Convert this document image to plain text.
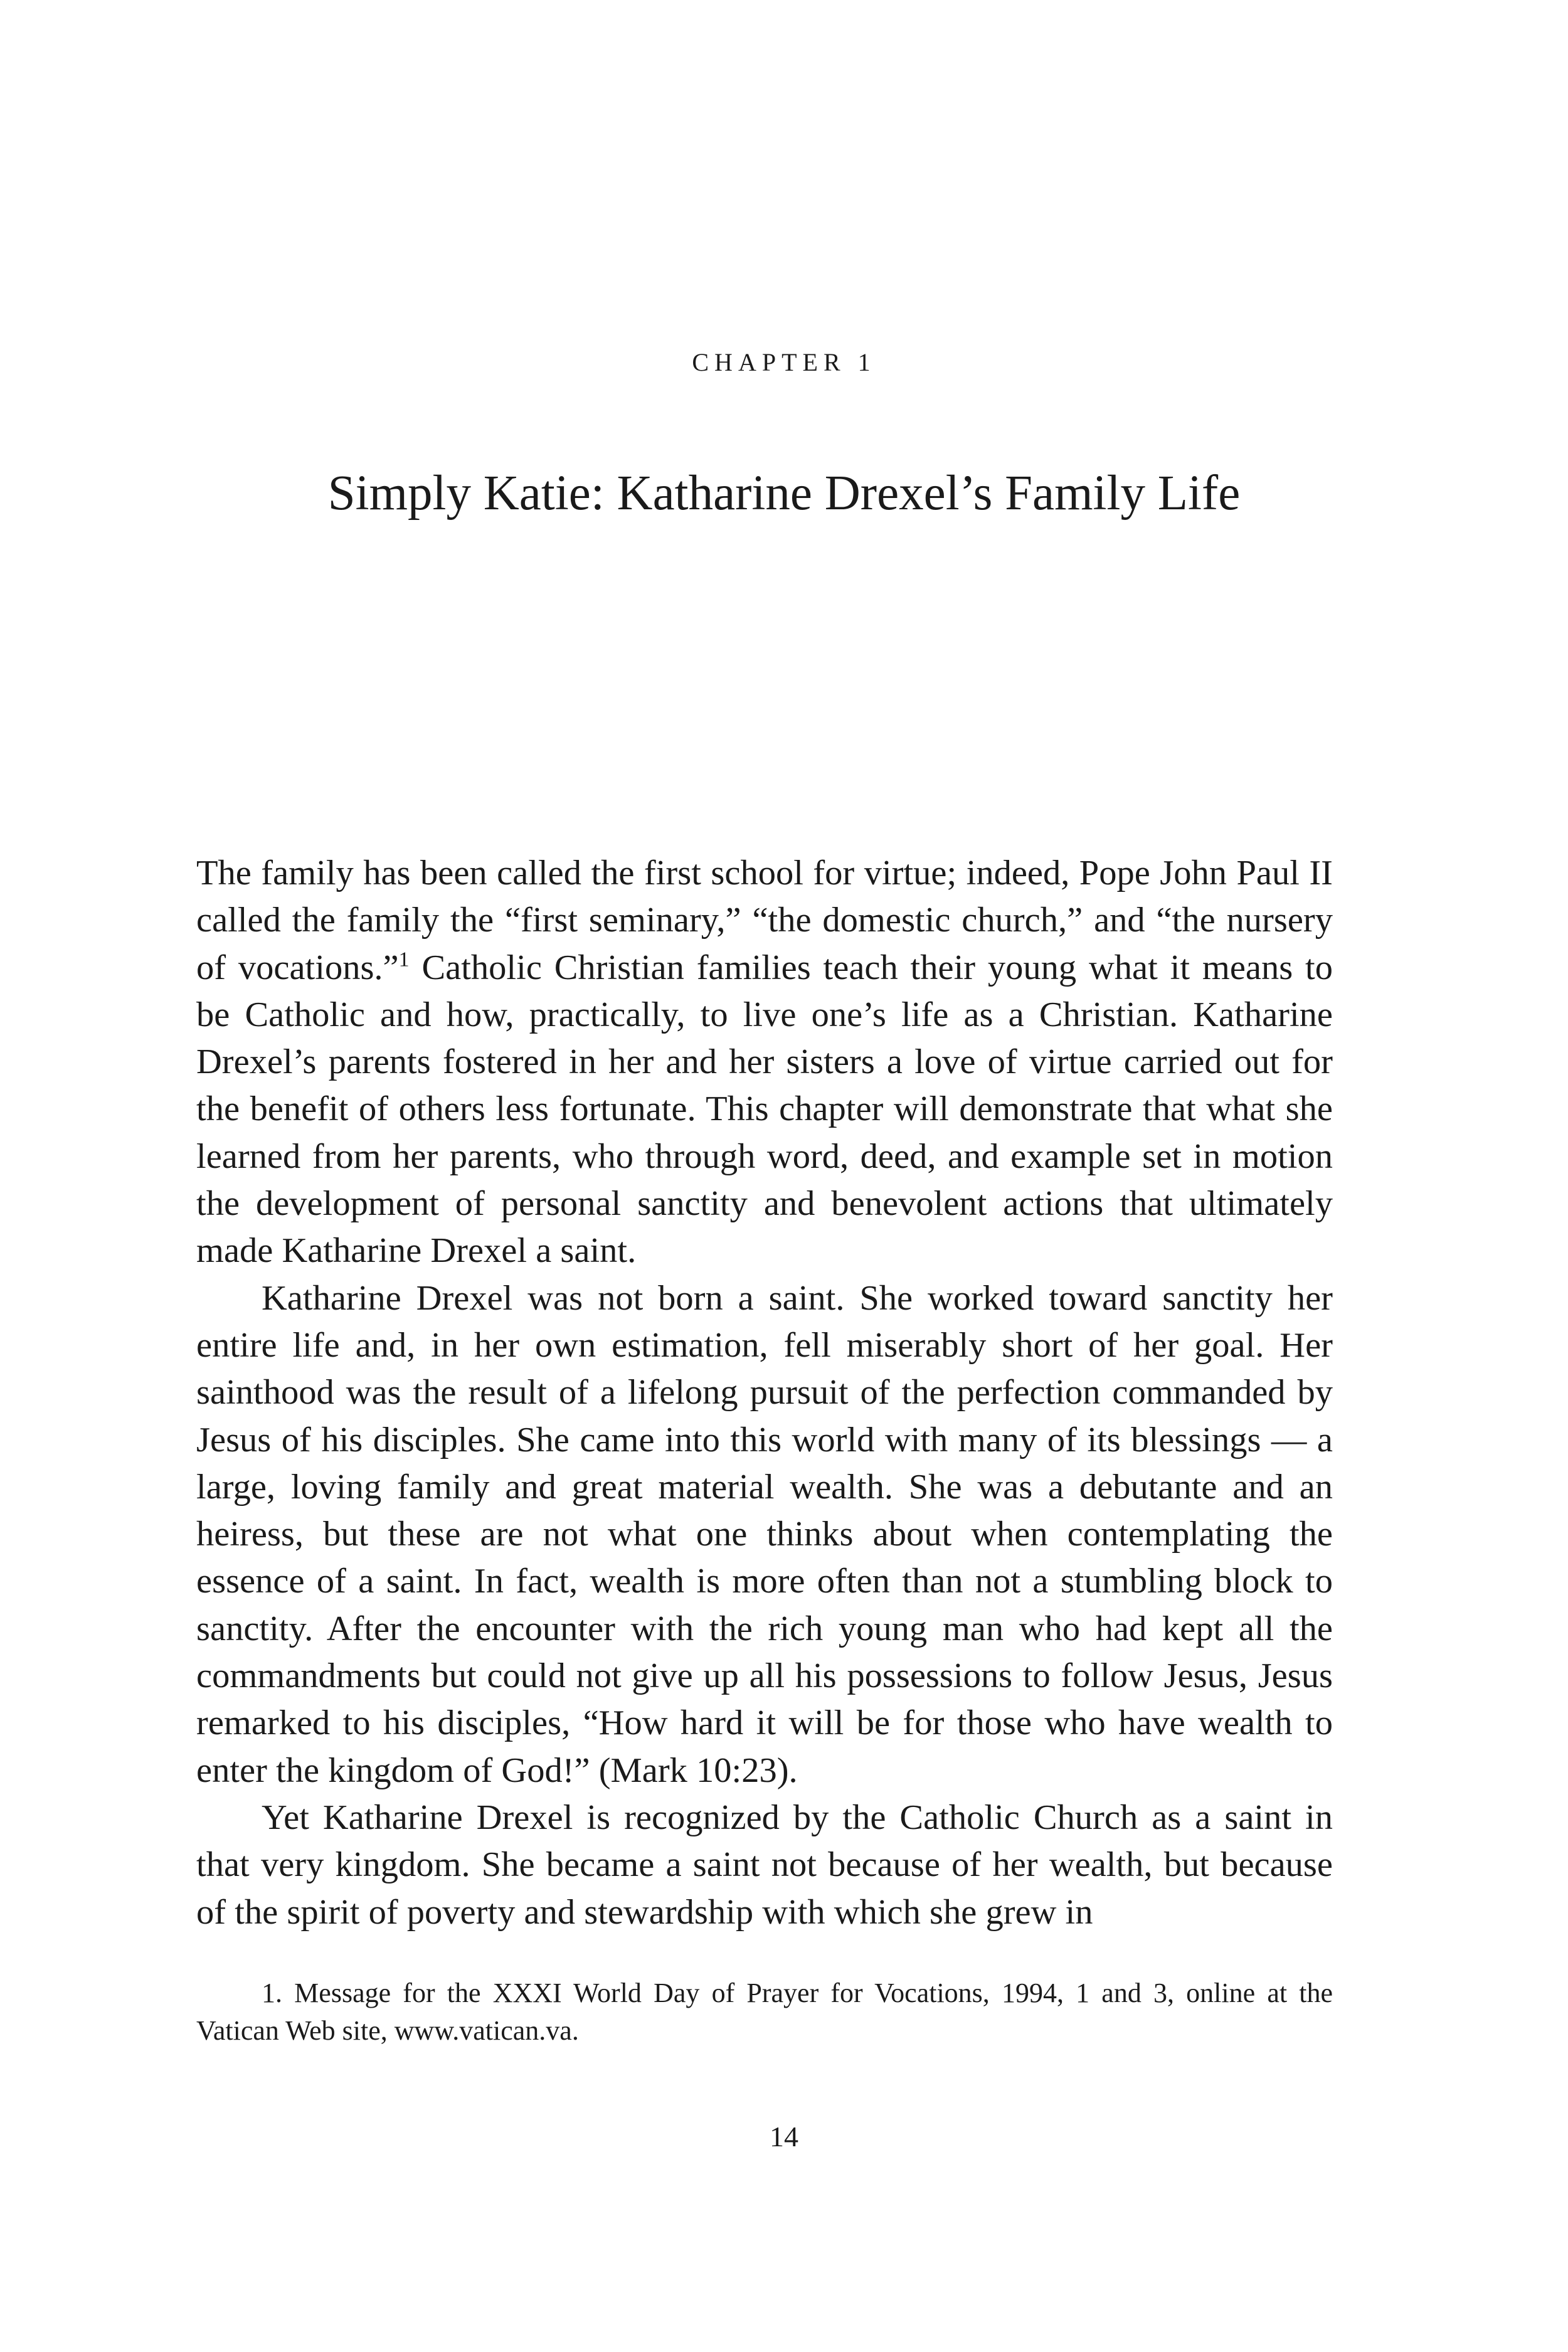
CHAPTER 1
Simply Katie: Katharine Drexel’s Family Life

The family has been called the first school for virtue; indeed, Pope John Paul II called the family the “first seminary,” “the domestic church,” and “the nursery of vocations.”$^1$ Catholic Christian families teach their young what it means to be Catholic and how, practically, to live one’s life as a Christian. Katharine Drexel’s parents fostered in her and her sisters a love of virtue carried out for the benefit of others less fortunate. This chapter will demonstrate that what she learned from her parents, who through word, deed, and example set in motion the development of personal sanctity and benevolent actions that ultimately made Katharine Drexel a saint.

Katharine Drexel was not born a saint. She worked toward sanctity her entire life and, in her own estimation, fell miserably short of her goal. Her sainthood was the result of a lifelong pursuit of the perfection commanded by Jesus of his disciples. She came into this world with many of its blessings — a large, loving family and great material wealth. She was a debutante and an heiress, but these are not what one thinks about when contemplating the essence of a saint. In fact, wealth is more often than not a stumbling block to sanctity. After the encounter with the rich young man who had kept all the commandments but could not give up all his possessions to follow Jesus, Jesus remarked to his disciples, “How hard it will be for those who have wealth to enter the kingdom of God!” (Mark 10:23).

Yet Katharine Drexel is recognized by the Catholic Church as a saint in that very kingdom. She became a saint not because of her wealth, but because of the spirit of poverty and stewardship with which she grew in

1. Message for the XXXI World Day of Prayer for Vocations, 1994, 1 and 3, online at the Vatican Web site, www.vatican.va.
14
